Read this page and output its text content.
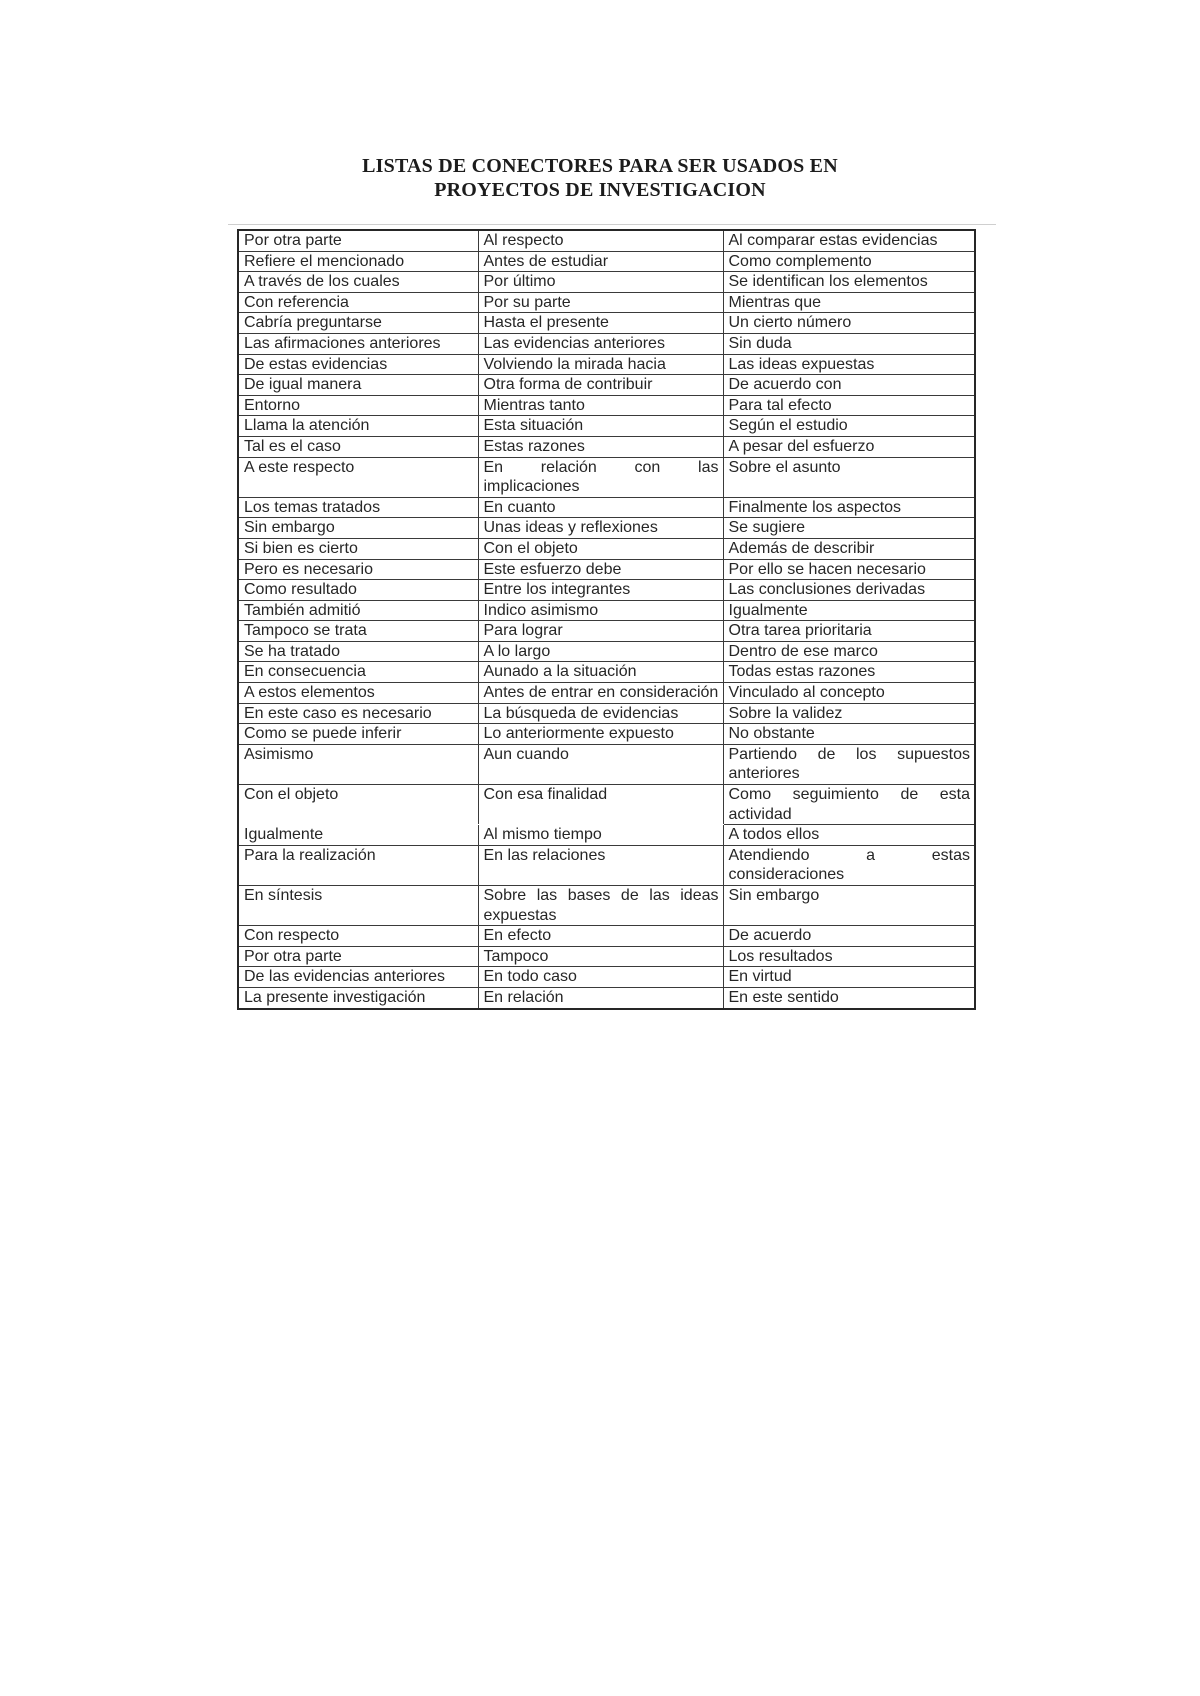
LISTAS DE CONECTORES PARA SER USADOS EN
PROYECTOS DE INVESTIGACION
Por otra parte	Al respecto	Al comparar estas evidencias
Refiere el mencionado	Antes de estudiar	Como complemento
A través de los cuales	Por último	Se identifican los elementos
Con referencia	Por su parte	Mientras que
Cabría preguntarse	Hasta el presente	Un cierto número
Las afirmaciones anteriores	Las evidencias anteriores	Sin duda
De estas evidencias	Volviendo la mirada hacia	Las ideas expuestas
De igual manera	Otra forma de contribuir	De acuerdo con
Entorno	Mientras tanto	Para tal efecto
Llama la atención	Esta situación	Según el estudio
Tal es el caso	Estas razones	A pesar del esfuerzo
A este respecto	En relación con las implicaciones	Sobre el asunto
Los temas tratados	En cuanto	Finalmente los aspectos
Sin embargo	Unas ideas y reflexiones	Se sugiere
Si bien es cierto	Con el objeto	Además de describir
Pero es necesario	Este esfuerzo debe	Por ello se hacen necesario
Como resultado	Entre los integrantes	Las conclusiones derivadas
También admitió	Indico asimismo	Igualmente
Tampoco se trata	Para lograr	Otra tarea prioritaria
Se ha tratado	A lo largo	Dentro de ese marco
En consecuencia	Aunado a la situación	Todas estas razones
A estos elementos	Antes de entrar en consideración	Vinculado al concepto
En este caso es necesario	La búsqueda de evidencias	Sobre la validez
Como se puede inferir	Lo anteriormente expuesto	No obstante
Asimismo	Aun cuando	Partiendo de los supuestos anteriores
Con el objeto	Con esa finalidad	Como seguimiento de esta actividad
Igualmente	Al mismo tiempo	A todos ellos
Para la realización	En las relaciones	Atendiendo a estas consideraciones
En síntesis	Sobre las bases de las ideas expuestas	Sin embargo
Con respecto	En efecto	De acuerdo
Por otra parte	Tampoco	Los resultados
De las evidencias anteriores	En todo caso	En virtud
La presente investigación	En relación	En este sentido
